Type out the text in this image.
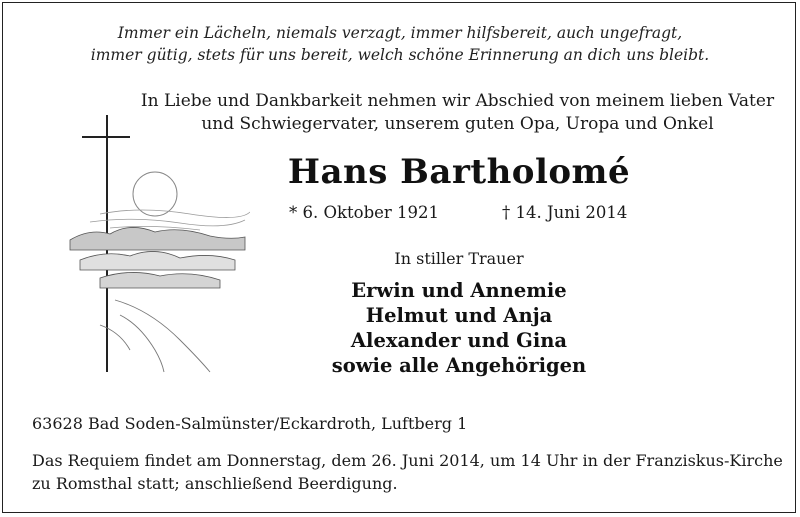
Immer ein Lächeln, niemals verzagt, immer hilfsbereit, auch ungefragt,
immer gütig, stets für uns bereit, welch schöne Erinnerung an dich uns bleibt.
In Liebe und Dankbarkeit nehmen wir Abschied von meinem lieben Vater
und Schwiegervater, unserem guten Opa, Uropa und Onkel
Hans Bartholomé
* 6. Oktober 1921	† 14. Juni 2014
In stiller Trauer
Erwin und Annemie
Helmut und Anja
Alexander und Gina
sowie alle Angehörigen
63628 Bad Soden-Salmünster/Eckardroth, Luftberg 1
Das Requiem findet am Donnerstag, dem 26. Juni 2014, um 14 Uhr in der Franziskus-Kirche
zu Romsthal statt; anschließend Beerdigung.
